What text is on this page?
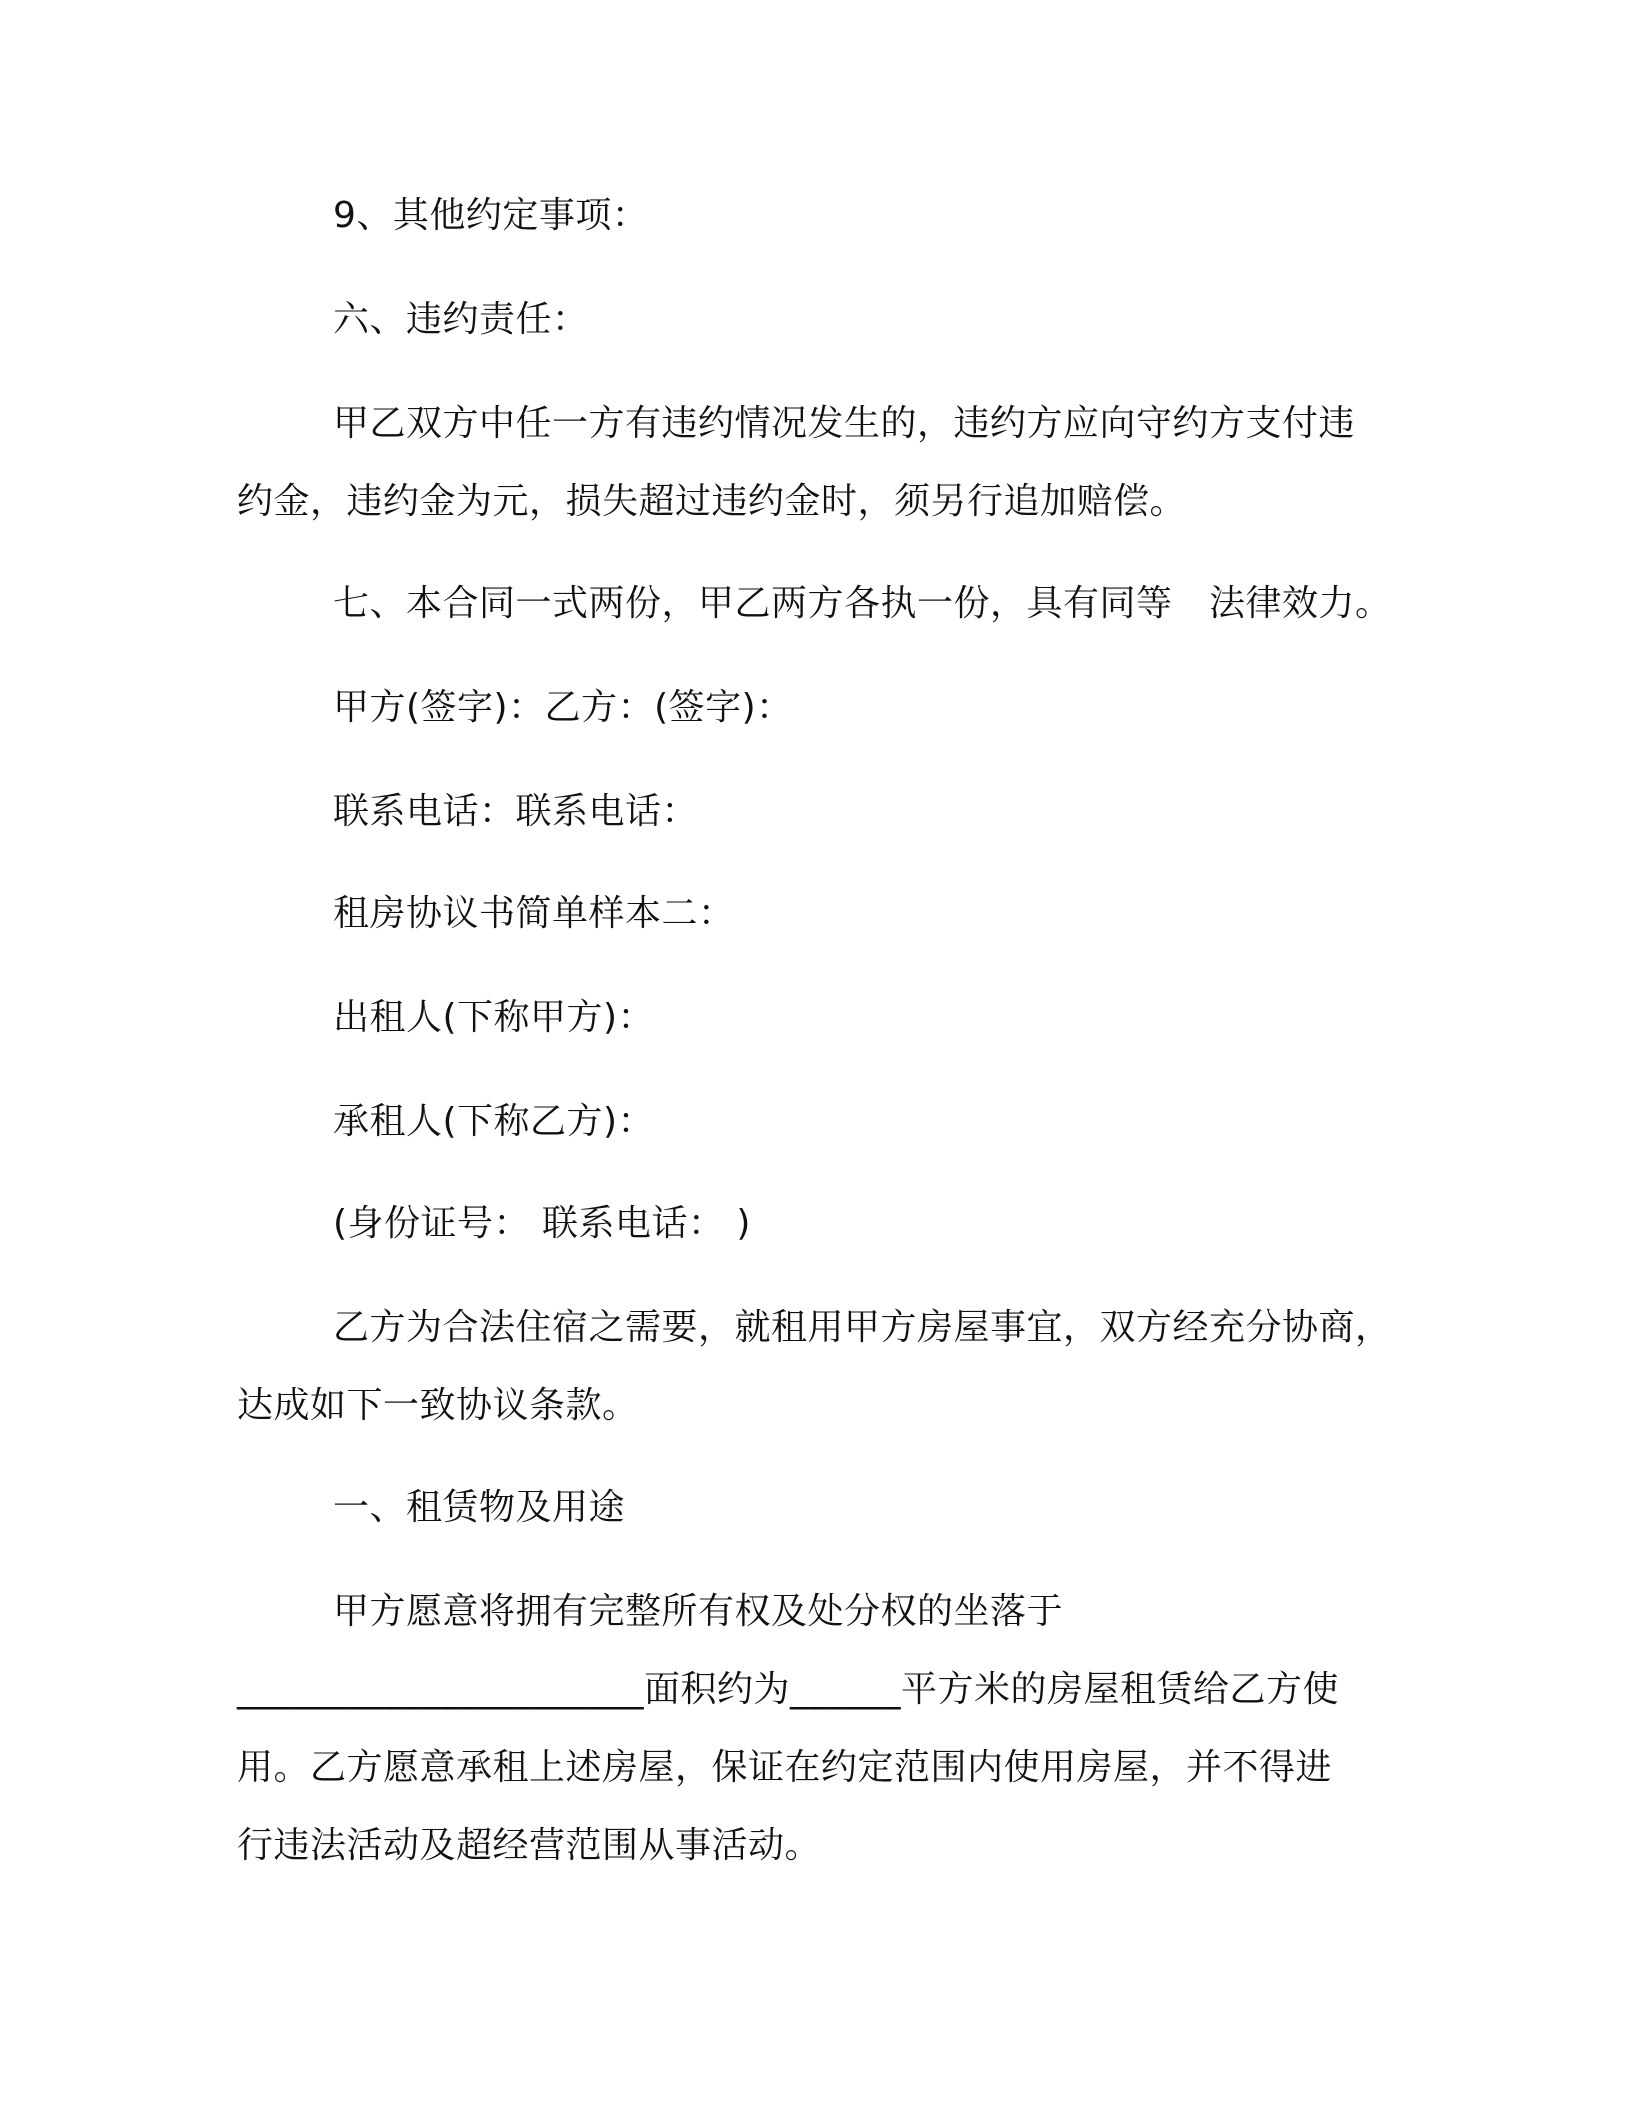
9、其他约定事项：
六、违约责任：
甲乙双方中任一方有违约情况发生的，违约方应向守约方支付违
约金，违约金为元，损失超过违约金时，须另行追加赔偿。
七、本合同一式两份，甲乙两方各执一份，具有同等　法律效力。
甲方(签字)：乙方：(签字)：
联系电话：联系电话：
租房协议书简单样本二：
出租人(下称甲方)：
承租人(下称乙方)：
(身份证号： 联系电话： )
乙方为合法住宿之需要，就租用甲方房屋事宜，双方经充分协商，
达成如下一致协议条款。
一、租赁物及用途
甲方愿意将拥有完整所有权及处分权的坐落于
______________________面积约为______平方米的房屋租赁给乙方使
用。乙方愿意承租上述房屋，保证在约定范围内使用房屋，并不得进
行违法活动及超经营范围从事活动。
